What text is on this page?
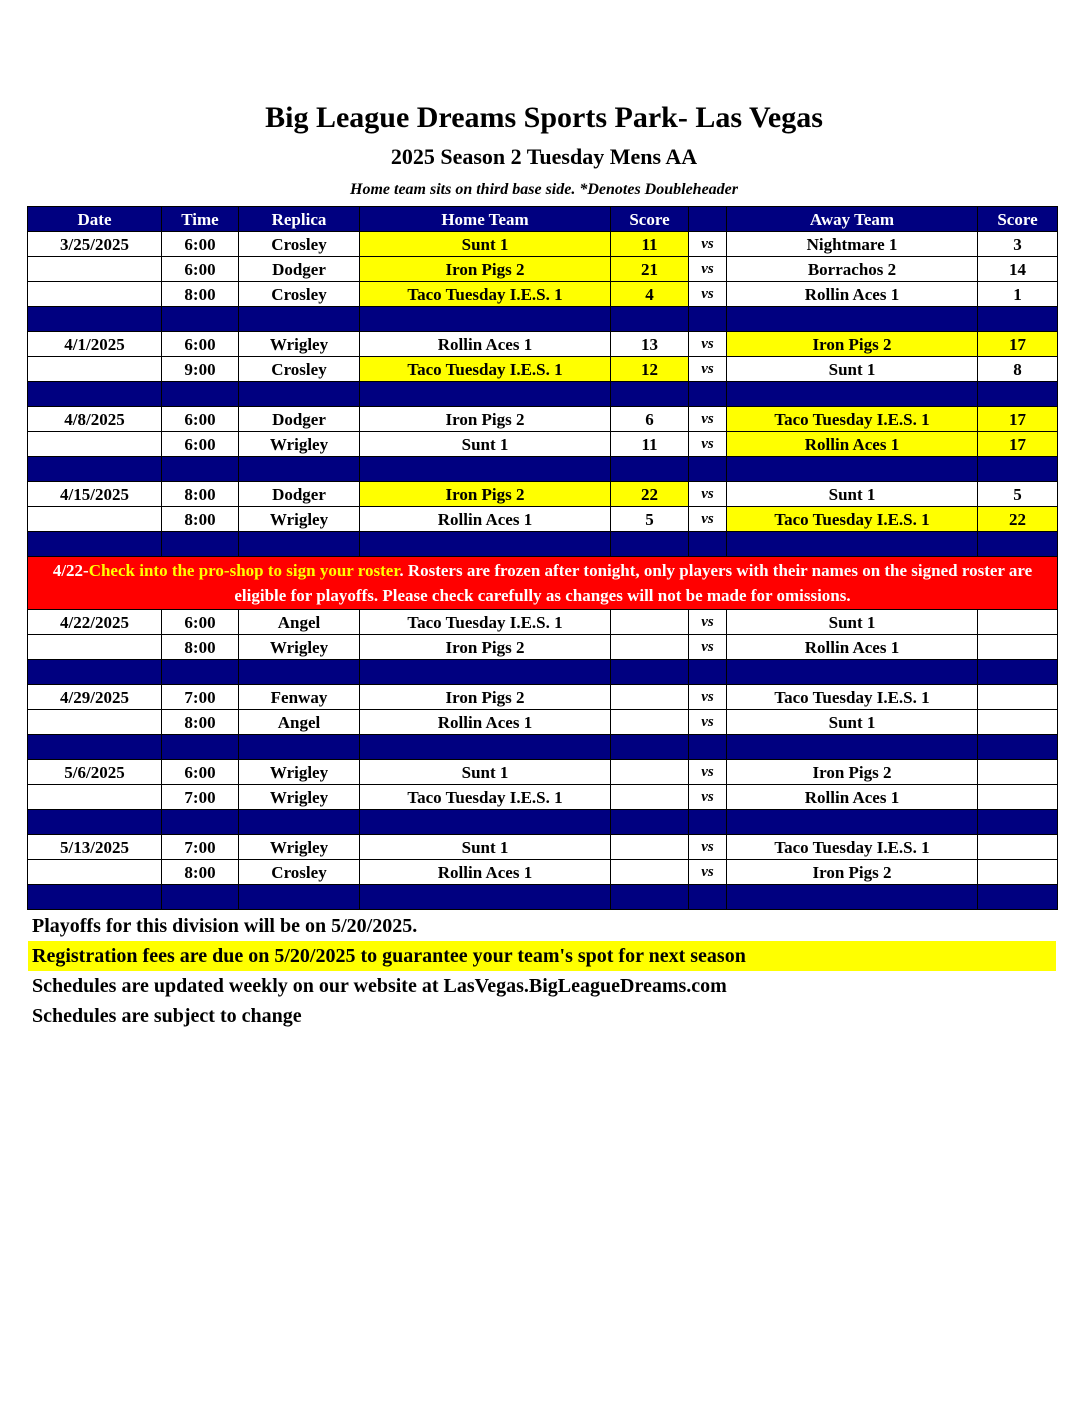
Big League Dreams Sports Park- Las Vegas
2025 Season 2 Tuesday Mens AA
Home team sits on third base side. *Denotes Doubleheader
Date	Time	Replica	Home Team	Score		Away Team	Score
3/25/2025	6:00	Crosley	Sunt 1	11	vs	Nightmare 1	3
	6:00	Dodger	Iron Pigs 2	21	vs	Borrachos 2	14
	8:00	Crosley	Taco Tuesday I.E.S. 1	4	vs	Rollin Aces 1	1

4/1/2025	6:00	Wrigley	Rollin Aces 1	13	vs	Iron Pigs 2	17
	9:00	Crosley	Taco Tuesday I.E.S. 1	12	vs	Sunt 1	8

4/8/2025	6:00	Dodger	Iron Pigs 2	6	vs	Taco Tuesday I.E.S. 1	17
	6:00	Wrigley	Sunt 1	11	vs	Rollin Aces 1	17

4/15/2025	8:00	Dodger	Iron Pigs 2	22	vs	Sunt 1	5
	8:00	Wrigley	Rollin Aces 1	5	vs	Taco Tuesday I.E.S. 1	22

4/22-Check into the pro-shop to sign your roster. Rosters are frozen after tonight, only players with their names on the signed roster are eligible for playoffs. Please check carefully as changes will not be made for omissions.							
4/22/2025	6:00	Angel	Taco Tuesday I.E.S. 1		vs	Sunt 1	
	8:00	Wrigley	Iron Pigs 2		vs	Rollin Aces 1	

4/29/2025	7:00	Fenway	Iron Pigs 2		vs	Taco Tuesday I.E.S. 1	
	8:00	Angel	Rollin Aces 1		vs	Sunt 1	

5/6/2025	6:00	Wrigley	Sunt 1		vs	Iron Pigs 2	
	7:00	Wrigley	Taco Tuesday I.E.S. 1		vs	Rollin Aces 1	

5/13/2025	7:00	Wrigley	Sunt 1		vs	Taco Tuesday I.E.S. 1	
	8:00	Crosley	Rollin Aces 1		vs	Iron Pigs 2	

Playoffs for this division will be on 5/20/2025.
Registration fees are due on 5/20/2025 to guarantee your team's spot for next season
Schedules are updated weekly on our website at LasVegas.BigLeagueDreams.com
Schedules are subject to change
